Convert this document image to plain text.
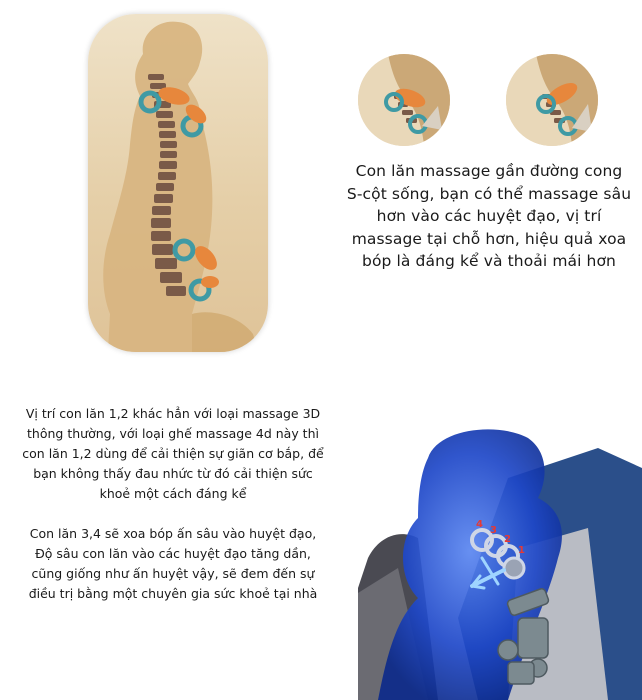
Con lăn massage gần đường cong S-cột sống, bạn có thể massage sâu hơn vào các huyệt đạo, vị trí massage tại chỗ hơn, hiệu quả xoa bóp là đáng kể và thoải mái hơn

Vị trí con lăn 1,2 khác hẳn với loại massage 3D thông thường, với loại ghế massage 4d này thì con lăn 1,2 dùng để cải thiện sự giãn cơ bắp, để bạn không thấy đau nhức từ đó cải thiện sức khoẻ một cách đáng kể

Con lăn 3,4 sẽ xoa bóp ấn sâu vào huyệt đạo, Độ sâu con lăn vào các huyệt đạo tăng dần, cũng giống như ấn huyệt vậy, sẽ đem đến sự điều trị bằng một chuyên gia sức khoẻ tại nhà

4
3
2
1
